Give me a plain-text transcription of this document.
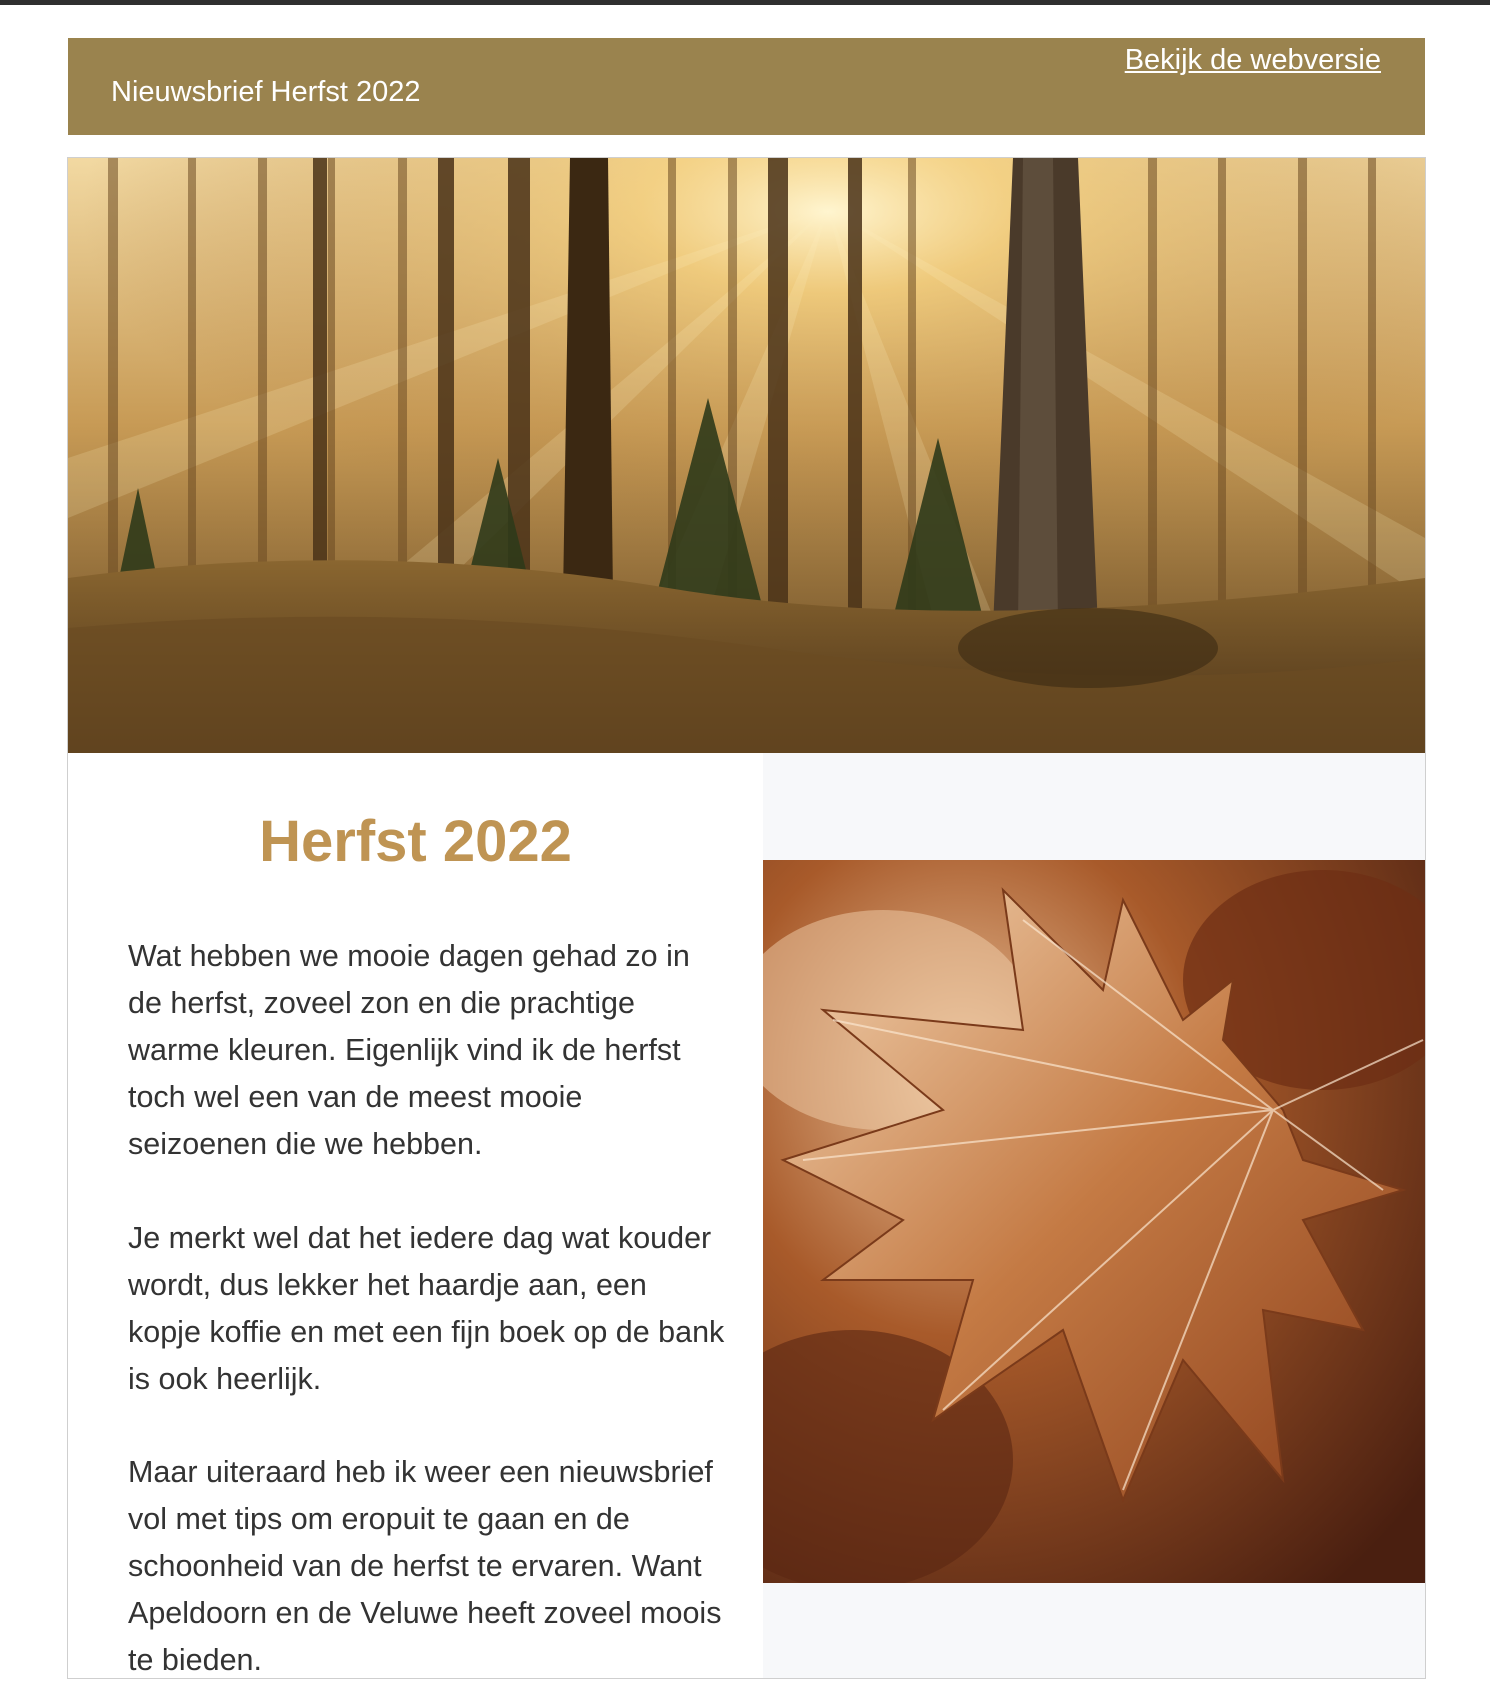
Bekijk de webversie
Nieuwsbrief Herfst 2022
Herfst 2022

Wat hebben we mooie dagen gehad zo in de herfst, zoveel zon en die prachtige warme kleuren. Eigenlijk vind ik de herfst toch wel een van de meest mooie seizoenen die we hebben.

Je merkt wel dat het iedere dag wat kouder wordt, dus lekker het haardje aan, een kopje koffie en met een fijn boek op de bank is ook heerlijk.

Maar uiteraard heb ik weer een nieuwsbrief vol met tips om eropuit te gaan en de schoonheid van de herfst te ervaren. Want Apeldoorn en de Veluwe heeft zoveel moois te bieden.
